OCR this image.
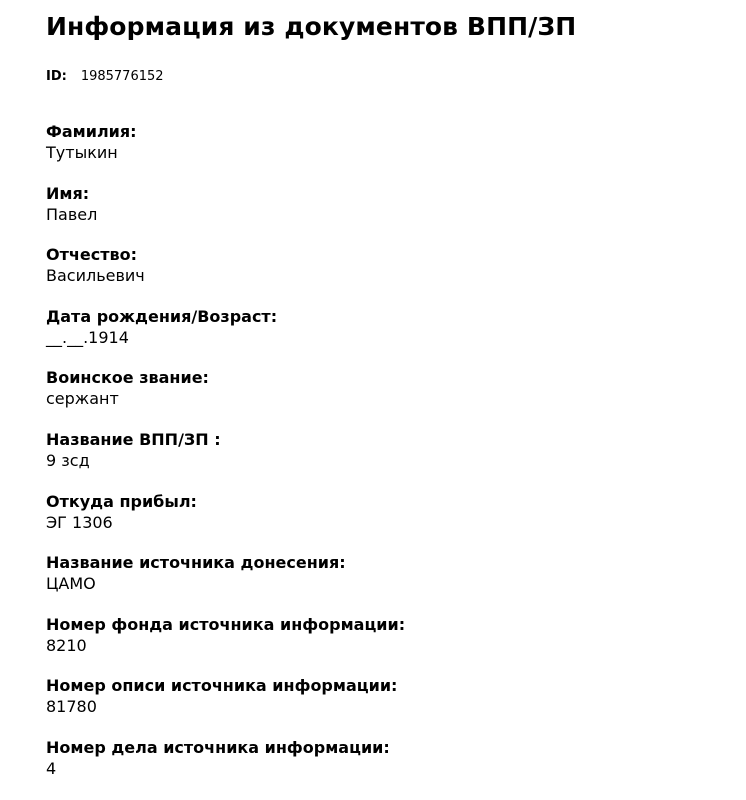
Информация из документов ВПП/ЗП
ID: 1985776152
Фамилия:
Тутыкин
Имя:
Павел
Отчество:
Васильевич
Дата рождения/Возраст:
__.__.1914
Воинское звание:
сержант
Название ВПП/ЗП :
9 зсд
Откуда прибыл:
ЭГ 1306
Название источника донесения:
ЦАМО
Номер фонда источника информации:
8210
Номер описи источника информации:
81780
Номер дела источника информации:
4
